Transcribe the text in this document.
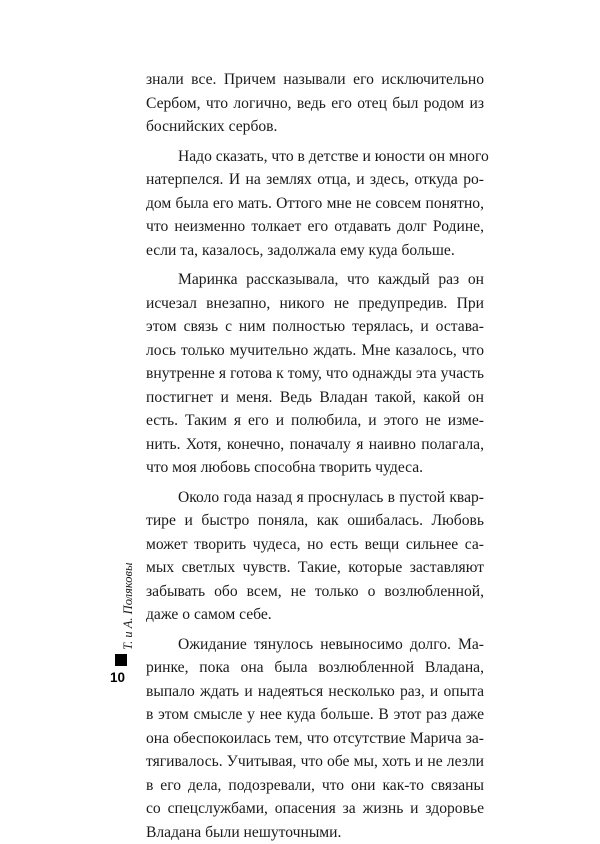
знали все. Причем называли его исключительно
Сербом, что логично, ведь его отец был родом из
боснийских сербов.
Надо сказать, что в детстве и юности он много
натерпелся. И на землях отца, и здесь, откуда ро-
дом была его мать. Оттого мне не совсем понятно,
что неизменно толкает его отдавать долг Родине,
если та, казалось, задолжала ему куда больше.
Маринка рассказывала, что каждый раз он
исчезал внезапно, никого не предупредив. При
этом связь с ним полностью терялась, и остава-
лось только мучительно ждать. Мне казалось, что
внутренне я готова к тому, что однажды эта участь
постигнет и меня. Ведь Владан такой, какой он
есть. Таким я его и полюбила, и этого не изме-
нить. Хотя, конечно, поначалу я наивно полагала,
что моя любовь способна творить чудеса.
Около года назад я проснулась в пустой квар-
тире и быстро поняла, как ошибалась. Любовь
может творить чудеса, но есть вещи сильнее са-
мых светлых чувств. Такие, которые заставляют
забывать обо всем, не только о возлюбленной,
даже о самом себе.
Ожидание тянулось невыносимо долго. Ма-
ринке, пока она была возлюбленной Владана,
выпало ждать и надеяться несколько раз, и опыта
в этом смысле у нее куда больше. В этот раз даже
она обеспокоилась тем, что отсутствие Марича за-
тягивалось. Учитывая, что обе мы, хоть и не лезли
в его дела, подозревали, что они как-то связаны
со спецслужбами, опасения за жизнь и здоровье
Владана были нешуточными.
Т. и А. Поляковы
10
